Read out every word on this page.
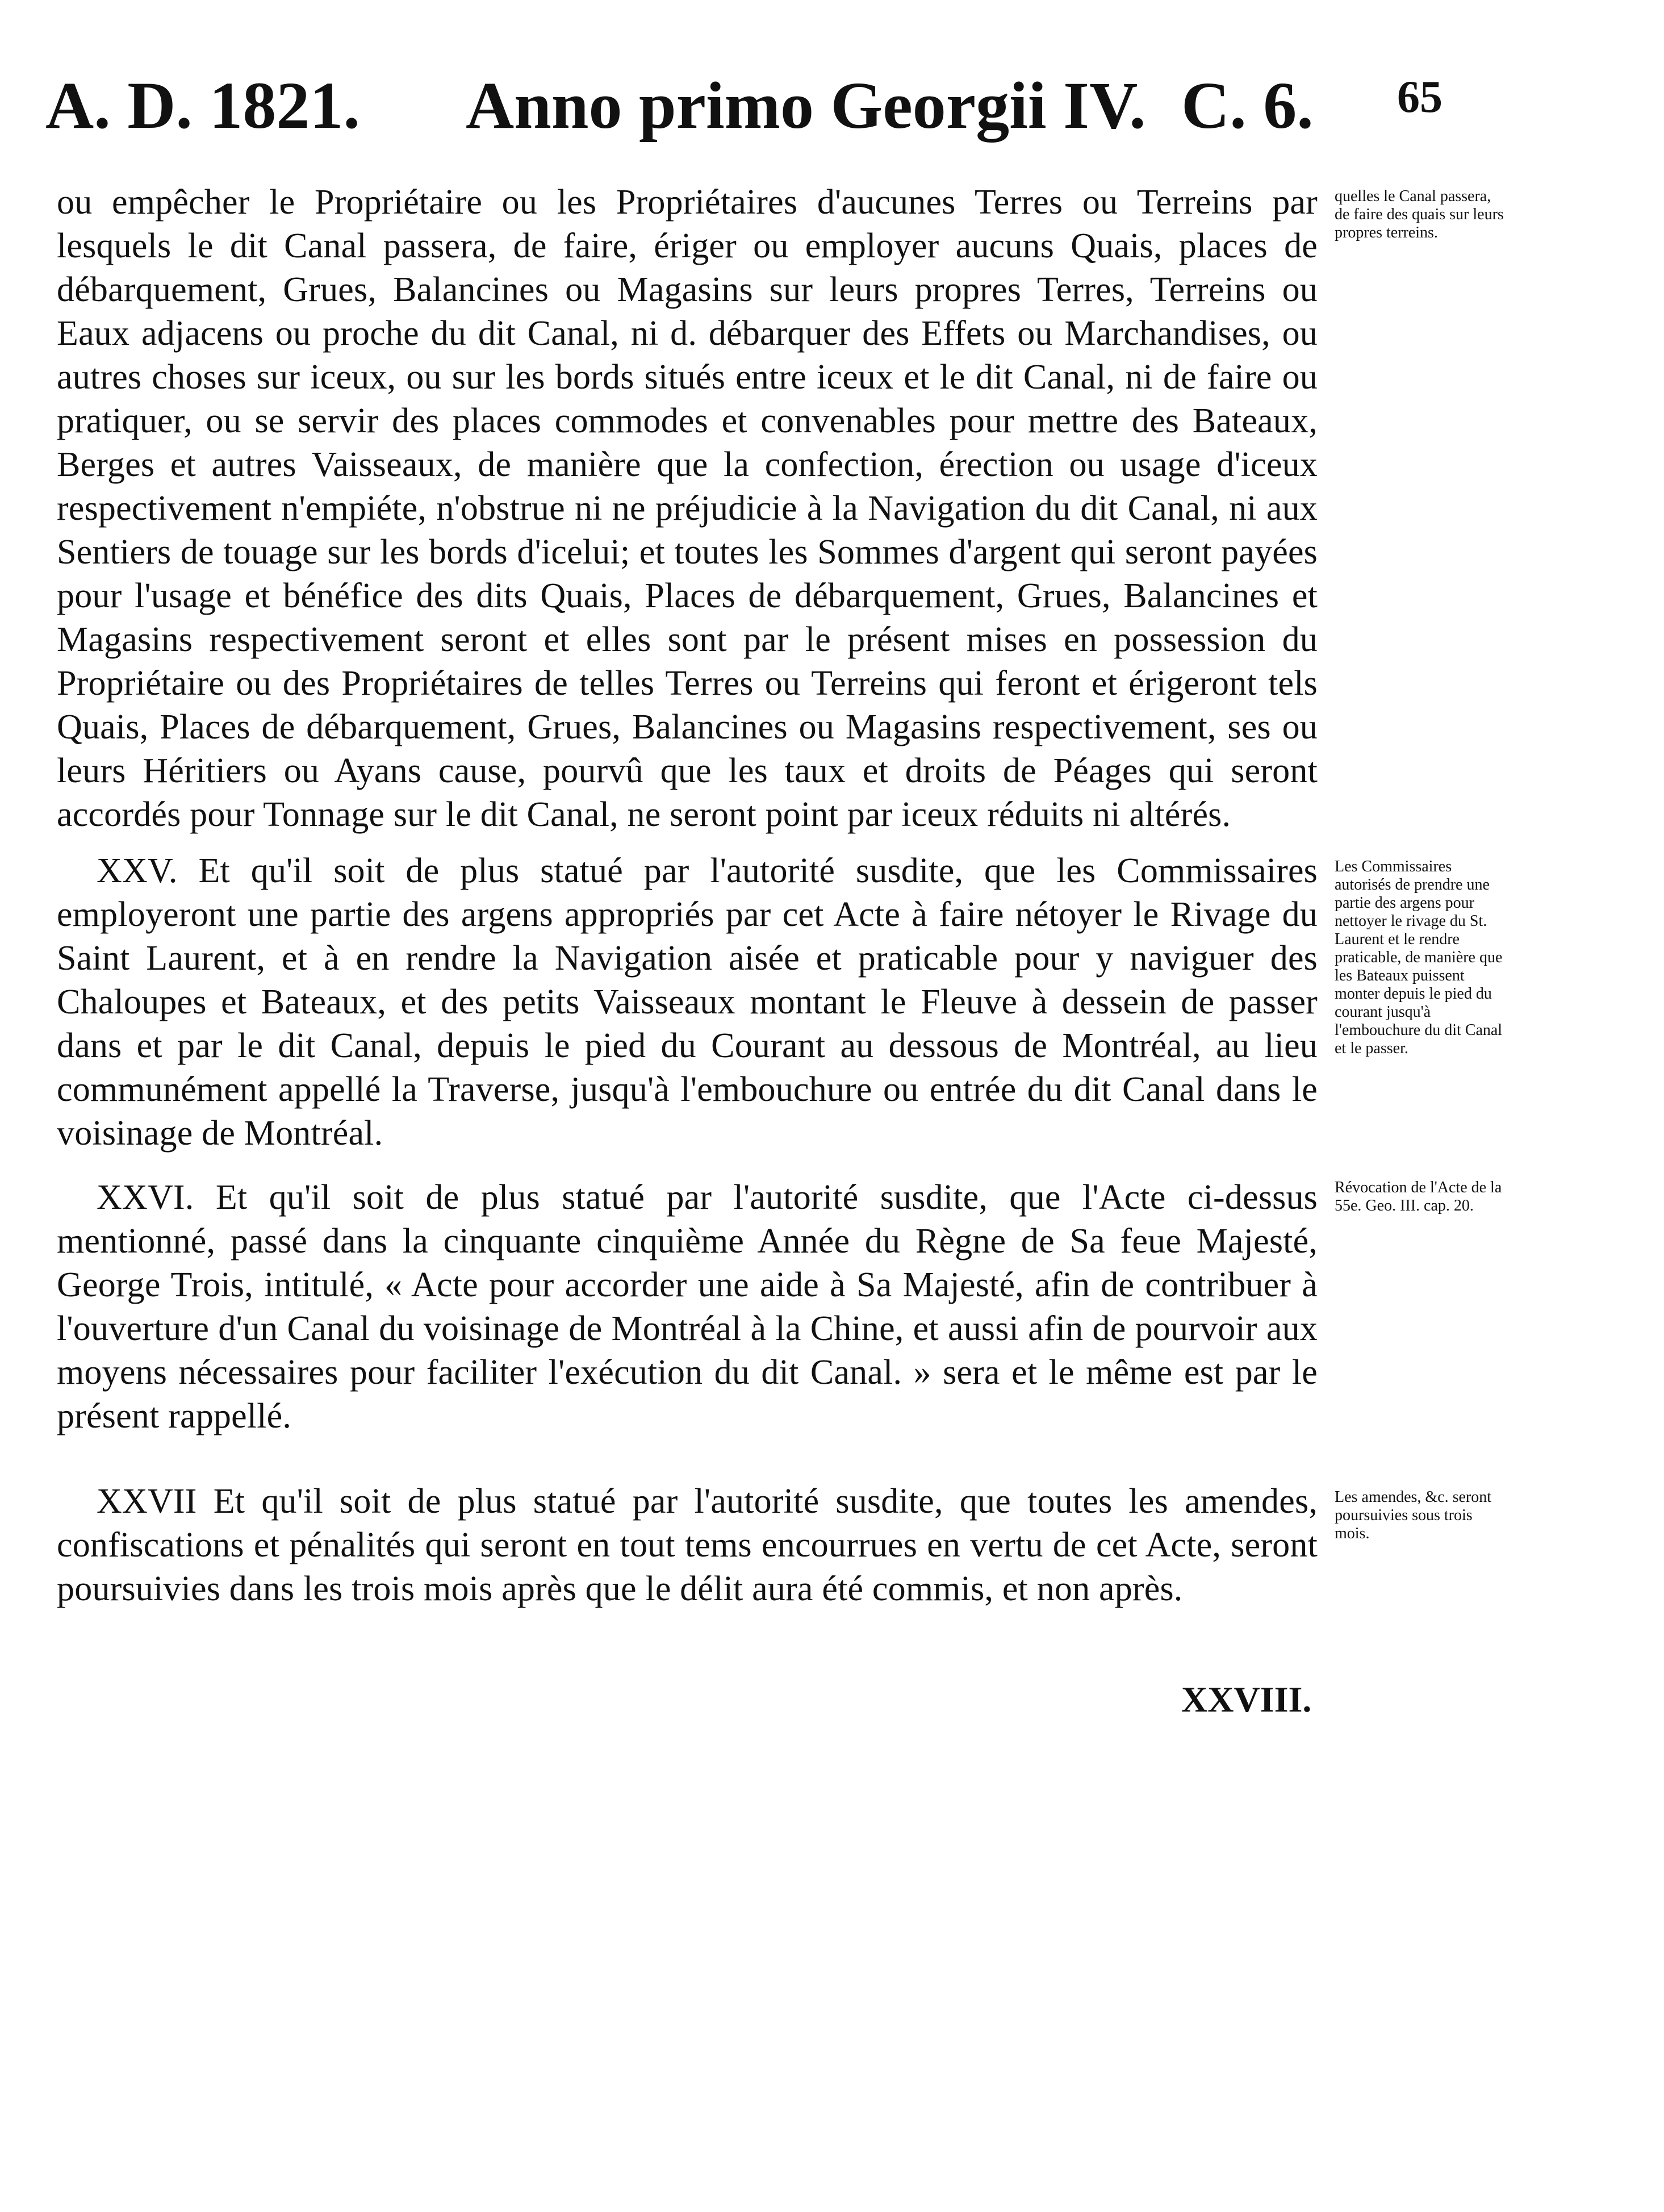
A. D. 1821. Anno primo Georgii IV. C. 6. 65
ou empêcher le Propriétaire ou les Propriétaires d'aucunes Terres ou Terreins par lesquels le dit Canal passera, de faire, ériger ou employer aucuns Quais, places de débarquement, Grues, Balancines ou Magasins sur leurs propres Terres, Terreins ou Eaux adjacens ou proche du dit Canal, ni d. débarquer des Effets ou Marchandises, ou autres choses sur iceux, ou sur les bords situés entre iceux et le dit Canal, ni de faire ou pratiquer, ou se servir des places commodes et convenables pour mettre des Bateaux, Berges et autres Vaisseaux, de manière que la confection, érection ou usage d'iceux respectivement n'empiéte, n'obstrue ni ne préjudicie à la Navigation du dit Canal, ni aux Sentiers de touage sur les bords d'icelui; et toutes les Sommes d'argent qui seront payées pour l'usage et bénéfice des dits Quais, Places de débarquement, Grues, Balancines et Magasins respectivement seront et elles sont par le présent mises en possession du Propriétaire ou des Propriétaires de telles Terres ou Terreins qui feront et érigeront tels Quais, Places de débarquement, Grues, Balancines ou Magasins respectivement, ses ou leurs Héritiers ou Ayans cause, pourvû que les taux et droits de Péages qui seront accordés pour Tonnage sur le dit Canal, ne seront point par iceux réduits ni altérés.
quelles le Canal passera, de faire des quais sur leurs propres terreins.
XXV. Et qu'il soit de plus statué par l'autorité susdite, que les Commissaires employeront une partie des argens appropriés par cet Acte à faire nétoyer le Rivage du Saint Laurent, et à en rendre la Navigation aisée et praticable pour y naviguer des Chaloupes et Bateaux, et des petits Vaisseaux montant le Fleuve à dessein de passer dans et par le dit Canal, depuis le pied du Courant au dessous de Montréal, au lieu communément appellé la Traverse, jusqu'à l'embouchure ou entrée du dit Canal dans le voisinage de Montréal.
Les Commissaires autorisés de prendre une partie des argens pour nettoyer le rivage du St. Laurent et le rendre praticable, de manière que les Bateaux puissent monter depuis le pied du courant jusqu'à l'embouchure du dit Canal et le passer.
XXVI. Et qu'il soit de plus statué par l'autorité susdite, que l'Acte ci-dessus mentionné, passé dans la cinquante cinquième Année du Règne de Sa feue Majesté, George Trois, intitulé, « Acte pour accorder une aide à Sa Majesté, afin de contribuer à l'ouverture d'un Canal du voisinage de Montréal à la Chine, et aussi afin de pourvoir aux moyens nécessaires pour faciliter l'exécution du dit Canal. » sera et le même est par le présent rappellé.
Révocation de l'Acte de la 55e. Geo. III. cap. 20.
XXVII Et qu'il soit de plus statué par l'autorité susdite, que toutes les amendes, confiscations et pénalités qui seront en tout tems encourrues en vertu de cet Acte, seront poursuivies dans les trois mois après que le délit aura été commis, et non après.
Les amendes, &c. seront poursuivies sous trois mois.
XXVIII.
